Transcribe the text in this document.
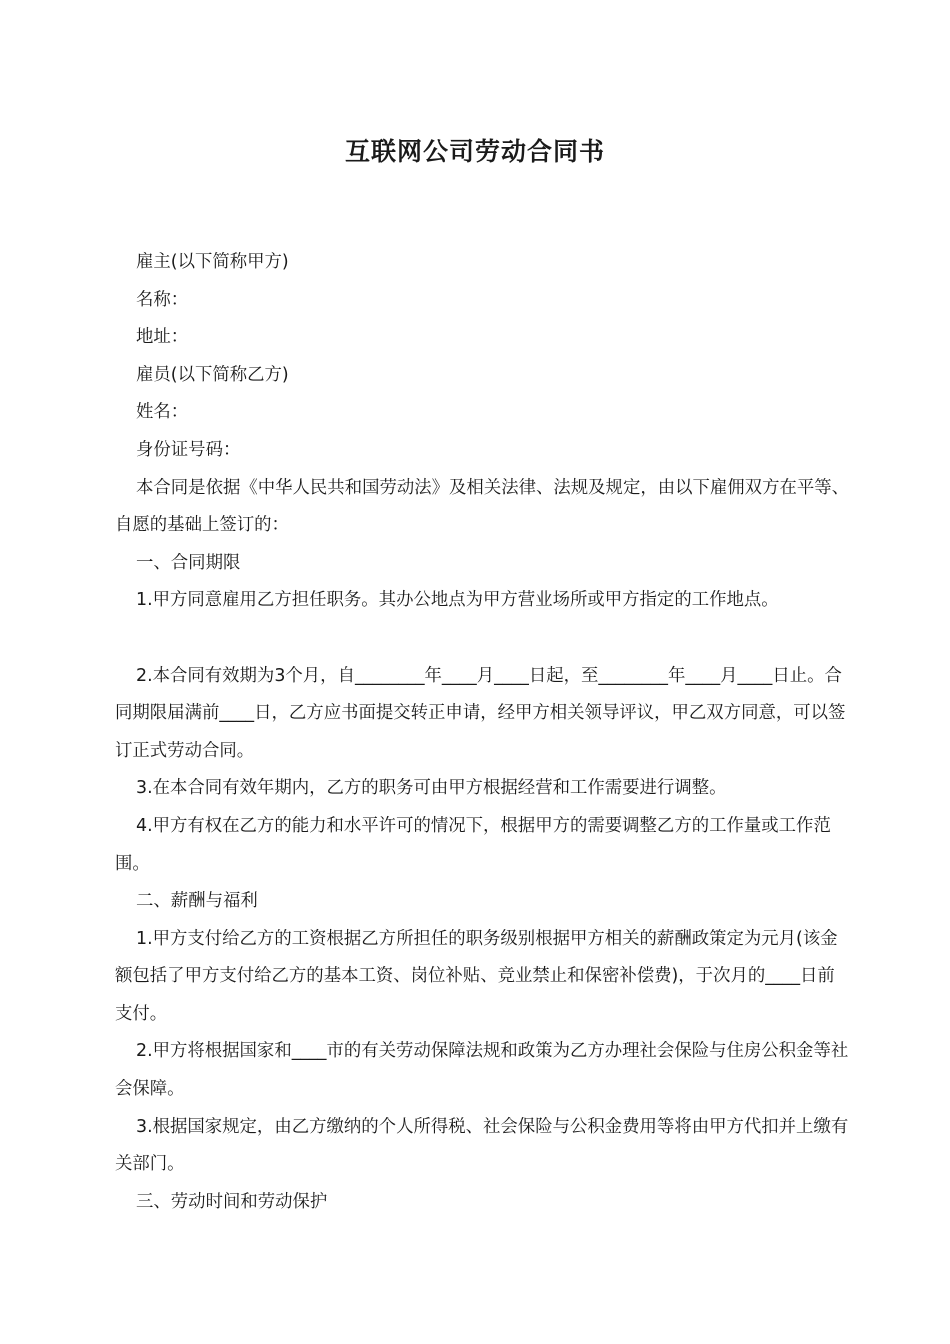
互联网公司劳动合同书

雇主(以下简称甲方)

名称：

地址：

雇员(以下简称乙方)

姓名：

身份证号码：

本合同是依据《中华人民共和国劳动法》及相关法律、法规及规定，由以下雇佣双方在平等、自愿的基础上签订的：

一、合同期限

1.甲方同意雇用乙方担任职务。其办公地点为甲方营业场所或甲方指定的工作地点。

2.本合同有效期为3个月，自________年____月____日起，至________年____月____日止。合同期限届满前____日，乙方应书面提交转正申请，经甲方相关领导评议，甲乙双方同意，可以签订正式劳动合同。

3.在本合同有效年期内，乙方的职务可由甲方根据经营和工作需要进行调整。

4.甲方有权在乙方的能力和水平许可的情况下，根据甲方的需要调整乙方的工作量或工作范围。

二、薪酬与福利

1.甲方支付给乙方的工资根据乙方所担任的职务级别根据甲方相关的薪酬政策定为元月(该金额包括了甲方支付给乙方的基本工资、岗位补贴、竞业禁止和保密补偿费)，于次月的____日前支付。

2.甲方将根据国家和____市的有关劳动保障法规和政策为乙方办理社会保险与住房公积金等社会保障。

3.根据国家规定，由乙方缴纳的个人所得税、社会保险与公积金费用等将由甲方代扣并上缴有关部门。

三、劳动时间和劳动保护
